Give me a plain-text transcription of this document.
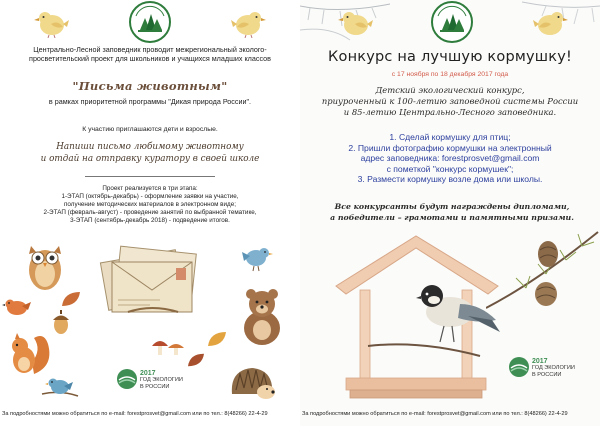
Центрально-Лесной заповедник проводит межрегиональный эколого-просветительский проект для школьников и учащихся младших классов
"Письма животным"
в рамках приоритетной программы "Дикая природа России".
К участию приглашаются дети и взрослые.
Напиши письмо любимому животному
и отдай на отправку куратору в своей школе
Проект реализуется в три этапа:
1-ЭТАП (октябрь-декабрь) - оформление заявки на участие,
получение методических материалов в электронном виде;
2-ЭТАП (февраль-август) - проведение занятий по выбранной тематике,
3-ЭТАП (сентябрь-декабрь 2018) - подведение итогов.
2017
ГОД ЭКОЛОГИИ
В РОССИИ
За подробностями можно обратиться по e-mail: forestprosvet@gmail.com или по тел.: 8(48266) 22-4-29
Конкурс на лучшую кормушку!
с 17 ноября по 18 декабря 2017 года
Детский экологический конкурс,
приуроченный к 100-летию заповедной системы России
и 85-летию Центрально-Лесного заповедника.
1. Сделай кормушку для птиц;
2. Пришли фотографию кормушки на электронный
адрес заповедника: forestprosvet@gmail.com
с пометкой "конкурс кормушек";
3. Размести кормушку возле дома или школы.
Все конкурсанты будут награждены дипломами,
а победители – грамотами и памятными призами.
2017
ГОД ЭКОЛОГИИ
В РОССИИ
За подробностями можно обратиться по e-mail: forestprosvet@gmail.com или по тел.: 8(48266) 22-4-29
